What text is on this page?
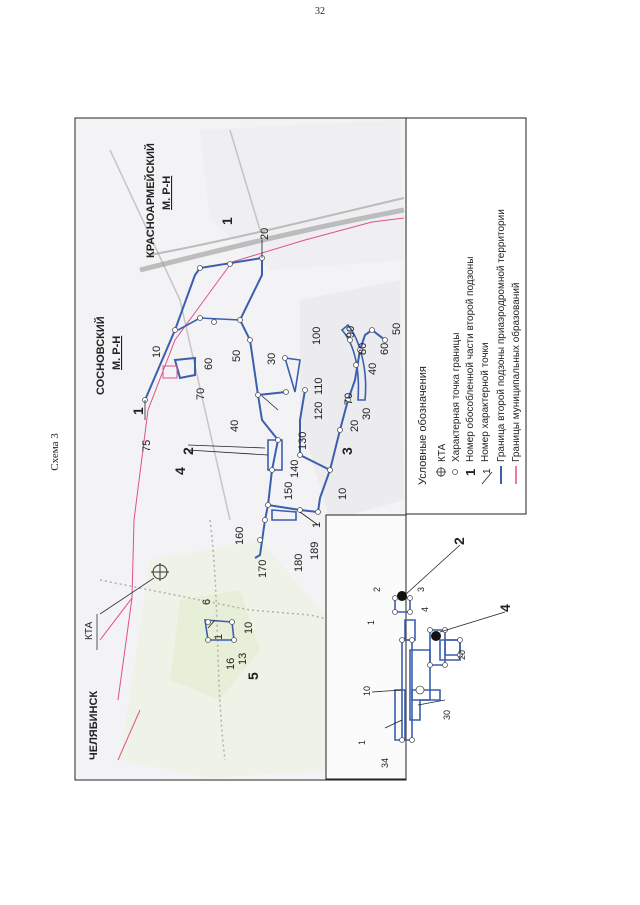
32
Схема 3
КТА
ЧЕЛЯБИНСК
СОСНОВСКИЙ М. Р-Н
КРАСНОАРМЕЙСКИЙ М. Р-Н
1
1
2	3
4
5
20
10
60
70
50 30
40
75
100 90
80
50
60
40
70
30
20
110
120
130
140
150
160
170 180
189
1
10
6
1
16 13
10
Условные обозначения КТА Характерная точка границы
1
Номер обособленной части второй подзоны
1
Номер характерной точки Граница второй подзоны приаэродромной территории Границы муниципальных образований
2
4
1
2	3
4
10
20
30
34
1
